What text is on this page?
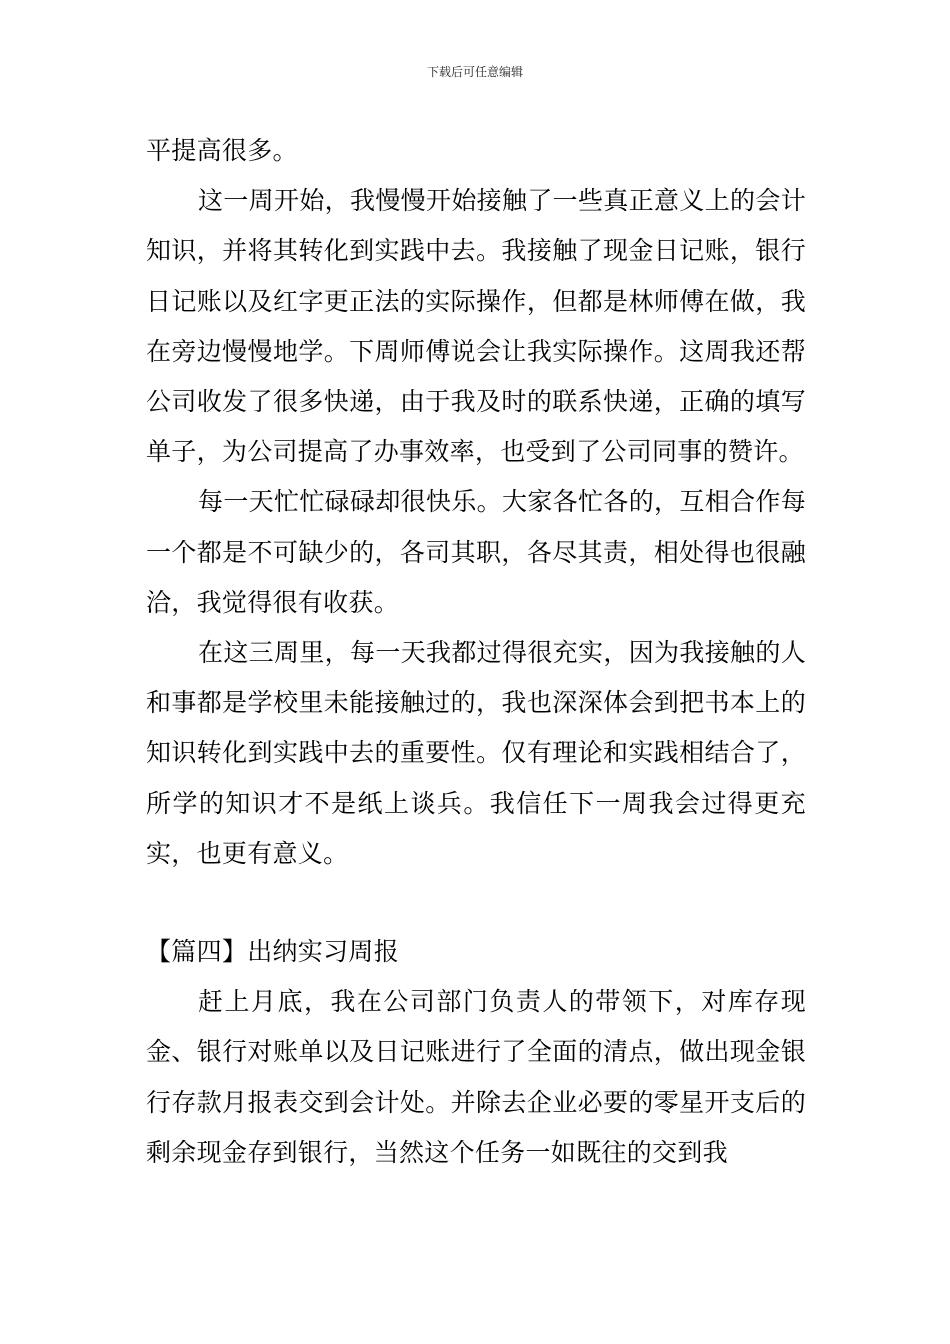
下载后可任意编辑

平提高很多。

这一周开始，我慢慢开始接触了一些真正意义上的会计知识，并将其转化到实践中去。我接触了现金日记账，银行日记账以及红字更正法的实际操作，但都是林师傅在做，我在旁边慢慢地学。下周师傅说会让我实际操作。这周我还帮公司收发了很多快递，由于我及时的联系快递，正确的填写单子，为公司提高了办事效率，也受到了公司同事的赞许。

每一天忙忙碌碌却很快乐。大家各忙各的，互相合作每一个都是不可缺少的，各司其职，各尽其责，相处得也很融洽，我觉得很有收获。

在这三周里，每一天我都过得很充实，因为我接触的人和事都是学校里未能接触过的，我也深深体会到把书本上的知识转化到实践中去的重要性。仅有理论和实践相结合了，所学的知识才不是纸上谈兵。我信任下一周我会过得更充实，也更有意义。

【篇四】出纳实习周报

赶上月底，我在公司部门负责人的带领下，对库存现金、银行对账单以及日记账进行了全面的清点，做出现金银行存款月报表交到会计处。并除去企业必要的零星开支后的剩余现金存到银行，当然这个任务一如既往的交到我
